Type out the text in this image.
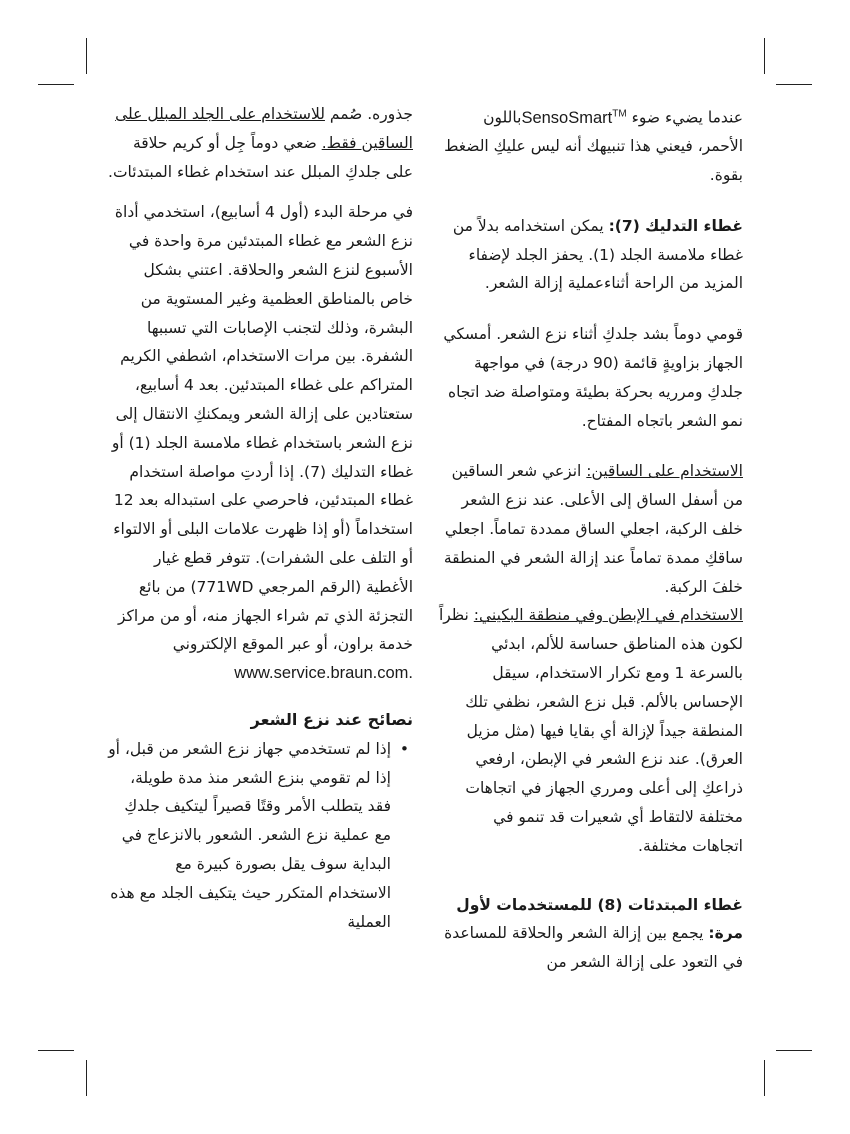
عندما يضيء ضوء SensoSmart™باللون الأحمر، فيعني هذا تنبيهك أنه ليس عليكِ الضغط بقوة.

غطاء التدليك (7): يمكن استخدامه بدلاً من غطاء ملامسة الجلد (1). يحفز الجلد لإضفاء المزيد من الراحة أثناءعملية إزالة الشعر.

قومي دوماً بشد جلدكِ أثناء نزع الشعر. أمسكي الجهاز بزاويةٍ قائمة (90 درجة) في مواجهة جلدكِ ومرريه بحركة بطيئة ومتواصلة ضد اتجاه نمو الشعر باتجاه المفتاح.

الاستخدام على الساقين: انزعي شعر الساقين من أسفل الساق إلى الأعلى. عند نزع الشعر خلف الركبة، اجعلي الساق ممددة تماماً. اجعلي ساقكِ ممدة تماماً عند إزالة الشعر في المنطقة خلفَ الركبة.

الاستخدام في الإبطن وفي منطقة البكيني: نظراً لكون هذه المناطق حساسة للألم، ابدئي بالسرعة 1 ومع تكرار الاستخدام، سيقل الإحساس بالألم. قبل نزع الشعر، نظفي تلك المنطقة جيداً لإزالة أي بقايا فيها (مثل مزيل العرق). عند نزع الشعر في الإبطن، ارفعي ذراعكِ إلى أعلى ومرري الجهاز في اتجاهات مختلفة لالتقاط أي شعيرات قد تنمو في اتجاهات مختلفة.

غطاء المبتدئات (8) للمستخدمات لأول مرة: يجمع بين إزالة الشعر والحلاقة للمساعدة في التعود على إزالة الشعر من

جذوره. صُمم للاستخدام على الجلد المبلل على الساقين فقط. ضعي دوماً جِل أو كريم حلاقة على جلدكِ المبلل عند استخدام غطاء المبتدئات.

في مرحلة البدء (أول 4 أسابيع)، استخدمي أداة نزع الشعر مع غطاء المبتدئين مرة واحدة في الأسبوع لنزع الشعر والحلاقة. اعتني بشكل خاص بالمناطق العظمية وغير المستوية من البشرة، وذلك لتجنب الإصابات التي تسببها الشفرة. بين مرات الاستخدام، اشطفي الكريم المتراكم على غطاء المبتدئين. بعد 4 أسابيع، ستعتادين على إزالة الشعر ويمكنكِ الانتقال إلى نزع الشعر باستخدام غطاء ملامسة الجلد (1) أو غطاء التدليك (7). إذا أردتِ مواصلة استخدام غطاء المبتدئين، فاحرصي على استبداله بعد 12 استخداماً (أو إذا ظهرت علامات البلى أو الالتواء أو التلف على الشفرات). تتوفر قطع غيار الأغطية (الرقم المرجعي 771WD) من بائع التجزئة الذي تم شراء الجهاز منه، أو من مراكز خدمة براون، أو عبر الموقع الإلكتروني www.service.braun.com.

نصائح عند نزع الشعر

•
إذا لم تستخدمي جهاز نزع الشعر من قبل، أو إذا لم تقومي بنزع الشعر منذ مدة طويلة، فقد يتطلب الأمر وقتًا قصيراً ليتكيف جلدكِ مع عملية نزع الشعر. الشعور بالانزعاج في البداية سوف يقل بصورة كبيرة مع الاستخدام المتكرر حيث يتكيف الجلد مع هذه العملية
